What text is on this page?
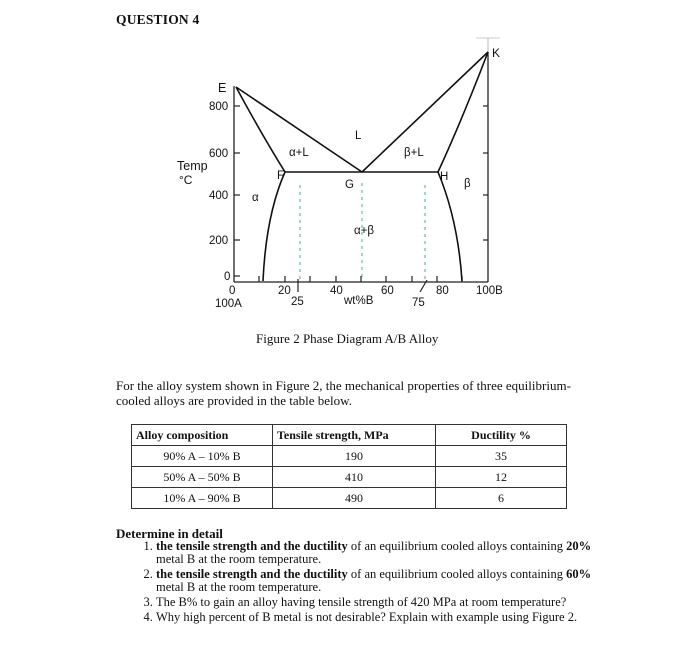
QUESTION 4
E
K
F
G
H
L
α+L	β+L
α
β
α+β
Temp
°C
800
600
400
200
0
0
100A
20
25
40
wt%B
60
75
80 100B
Figure 2 Phase Diagram A/B Alloy
For the alloy system shown in Figure 2, the mechanical properties of three equilibrium-cooled alloys are provided in the table below.
Alloy composition	Tensile strength, MPa	Ductility %
90% A – 10% B	190	35
50% A – 50% B	410	12
10% A – 90% B	490	6
Determine in detail
1. the tensile strength and the ductility of an equilibrium cooled alloys containing 20% metal B at the room temperature.
2. the tensile strength and the ductility of an equilibrium cooled alloys containing 60% metal B at the room temperature.
3. The B% to gain an alloy having tensile strength of 420 MPa at room temperature?
4. Why high percent of B metal is not desirable? Explain with example using Figure 2.
